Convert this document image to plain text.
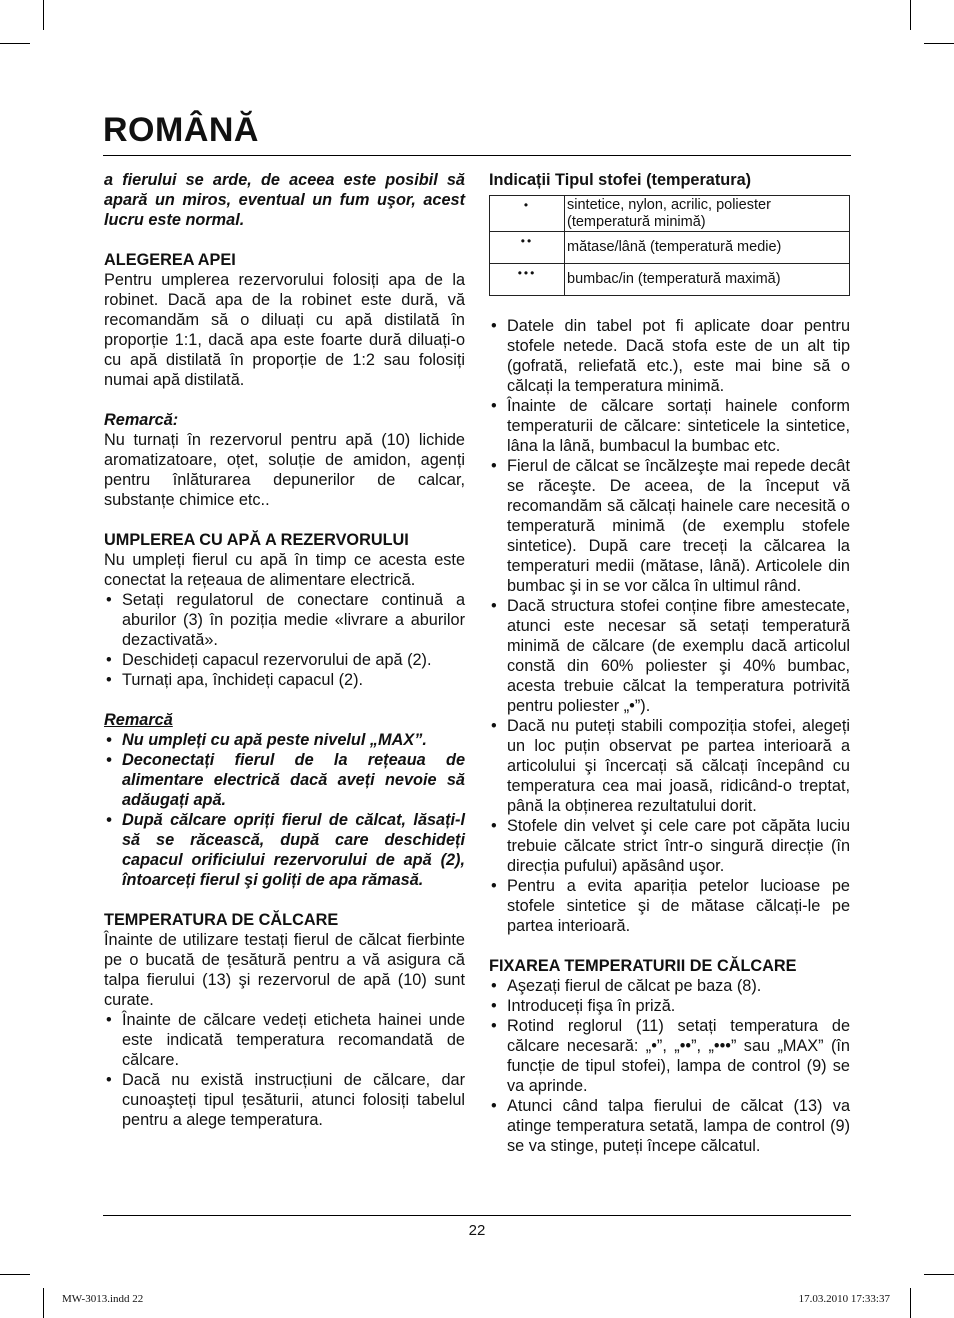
ROMÂNĂ

a fierului se arde, de aceea este posibil să apară un miros, eventual un fum uşor, acest lucru este normal.

ALEGEREA APEI

Pentru umplerea rezervorului folosiți apa de la robinet. Dacă apa de la robinet este dură, vă recomandăm să o diluați cu apă distilată în proporție 1:1, dacă apa este foarte dură diluați-o cu apă distilată în proporție de 1:2 sau folosiți numai apă distilată.

Remarcă:

Nu turnați în rezervorul pentru apă (10) lichide aromatizatoare, oțet, soluție de amidon, agenți pentru înlăturarea depunerilor de calcar, substanțe chimice etc..

UMPLEREA CU APĂ A REZERVORULUI

Nu umpleți fierul cu apă în timp ce acesta este conectat la rețeaua de alimentare electrică.

• Setați regulatorul de conectare continuă a aburilor (3) în poziția medie «livrare a aburilor dezactivată».
• Deschideți capacul rezervorului de apă (2).
• Turnați apa, închideți capacul (2).
Remarcă
• Nu umpleți cu apă peste nivelul „MAX”.
• Deconectați fierul de la rețeaua de alimentare electrică dacă aveți nevoie să adăugați apă.
• După călcare opriți fierul de călcat, lăsați-l să se răcească, după care deschideți capacul orificiului rezervorului de apă (2), întoarceți fierul şi goliți de apa rămasă.
TEMPERATURA DE CĂLCARE

Înainte de utilizare testați fierul de călcat fierbinte pe o bucată de țesătură pentru a vă asigura că talpa fierului (13) şi rezervorul de apă (10) sunt curate.

• Înainte de călcare vedeți eticheta hainei unde este indicată temperatura recomandată de călcare.
• Dacă nu există instrucțiuni de călcare, dar cunoaşteți tipul țesăturii, atunci folosiți tabelul pentru a alege temperatura.
Indicații Tipul stofei (temperatura)
•	sintetice, nylon, acrilic, poliester (temperatură minimă)
••	mătase/lână (temperatură medie)
•••	bumbac/in (temperatură maximă)
• Datele din tabel pot fi aplicate doar pentru stofele netede. Dacă stofa este de un alt tip (gofrată, reliefată etc.), este mai bine să o călcați la temperatura minimă.
• Înainte de călcare sortați hainele conform temperaturii de călcare: sinteticele la sintetice, lâna la lână, bumbacul la bumbac etc.
• Fierul de călcat se încălzeşte mai repede decât se răceşte. De aceea, de la început vă recomandăm să călcați hainele care necesită o temperatură minimă (de exemplu stofele sintetice). După care treceți la călcarea la temperaturi medii (mătase, lână). Articolele din bumbac şi in se vor călca în ultimul rând.
• Dacă structura stofei conține fibre amestecate, atunci este necesar să setați temperatură minimă de călcare (de exemplu dacă articolul constă din 60% poliester şi 40% bumbac, acesta trebuie călcat la temperatura potrivită pentru poliester „•”).
• Dacă nu puteți stabili compoziția stofei, alegeți un loc puțin observat pe partea interioară a articolului şi încercați să călcați începând cu temperatura cea mai joasă, ridicând-o treptat, până la obținerea rezultatului dorit.
• Stofele din velvet şi cele care pot căpăta luciu trebuie călcate strict într-o singură direcție (în direcția pufului) apăsând uşor.
• Pentru a evita apariția petelor lucioase pe stofele sintetice şi de mătase călcați-le pe partea interioară.
FIXAREA TEMPERATURII DE CĂLCARE
• Aşezați fierul de călcat pe baza (8).
• Introduceți fişa în priză.
• Rotind reglorul (11) setați temperatura de călcare necesară: „•”, „••”, „•••” sau „MAX” (în funcție de tipul stofei), lampa de control (9) se va aprinde.
• Atunci când talpa fierului de călcat (13) va atinge temperatura setată, lampa de control (9) se va stinge, puteți începe călcatul.
22
MW-3013.indd 22	17.03.2010 17:33:37
